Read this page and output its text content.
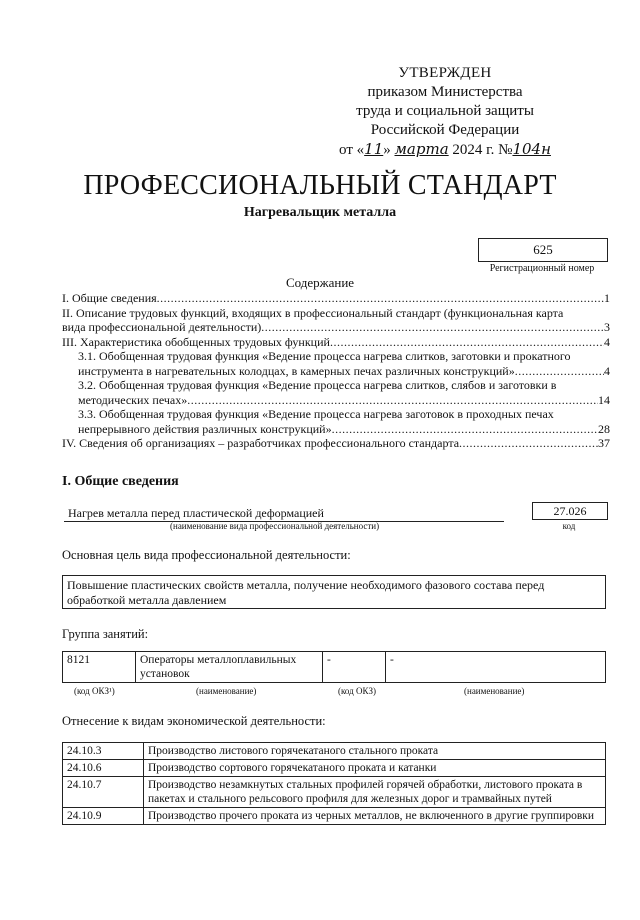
УТВЕРЖДЕН
приказом Министерства
труда и социальной защиты
Российской Федерации
от «11» марта 2024 г. №104н
ПРОФЕССИОНАЛЬНЫЙ СТАНДАРТ
Нагревальщик металла
625
Регистрационный номер
Содержание
I. Общие сведения .....	1
II. Описание трудовых функций, входящих в профессиональный стандарт (функциональная карта
вида профессиональной деятельности) .....	3
III. Характеристика обобщенных трудовых функций .....	4
3.1. Обобщенная трудовая функция «Ведение процесса нагрева слитков, заготовки и прокатного
инструмента в нагревательных колодцах, в камерных печах различных конструкций» .....	4
3.2. Обобщенная трудовая функция «Ведение процесса нагрева слитков, слябов и заготовки в
методических печах» .....	14
3.3. Обобщенная трудовая функция «Ведение процесса нагрева заготовок в проходных печах
непрерывного действия различных конструкций» .....	28
IV. Сведения об организациях – разработчиках профессионального стандарта .....	37
I. Общие сведения
Нагрев металла перед пластической деформацией
(наименование вида профессиональной деятельности)
27.026
код
Основная цель вида профессиональной деятельности:
Повышение пластических свойств металла, получение необходимого фазового состава перед обработкой металла давлением
Группа занятий:
8121	Операторы металлоплавильных установок	-	-
(код ОКЗ¹)	(наименование)	(код ОКЗ)	(наименование)
Отнесение к видам экономической деятельности:
24.10.3	Производство листового горячекатаного стального проката
24.10.6	Производство сортового горячекатаного проката и катанки
24.10.7	Производство незамкнутых стальных профилей горячей обработки, листового проката в пакетах и стального рельсового профиля для железных дорог и трамвайных путей
24.10.9	Производство прочего проката из черных металлов, не включенного в другие группировки
